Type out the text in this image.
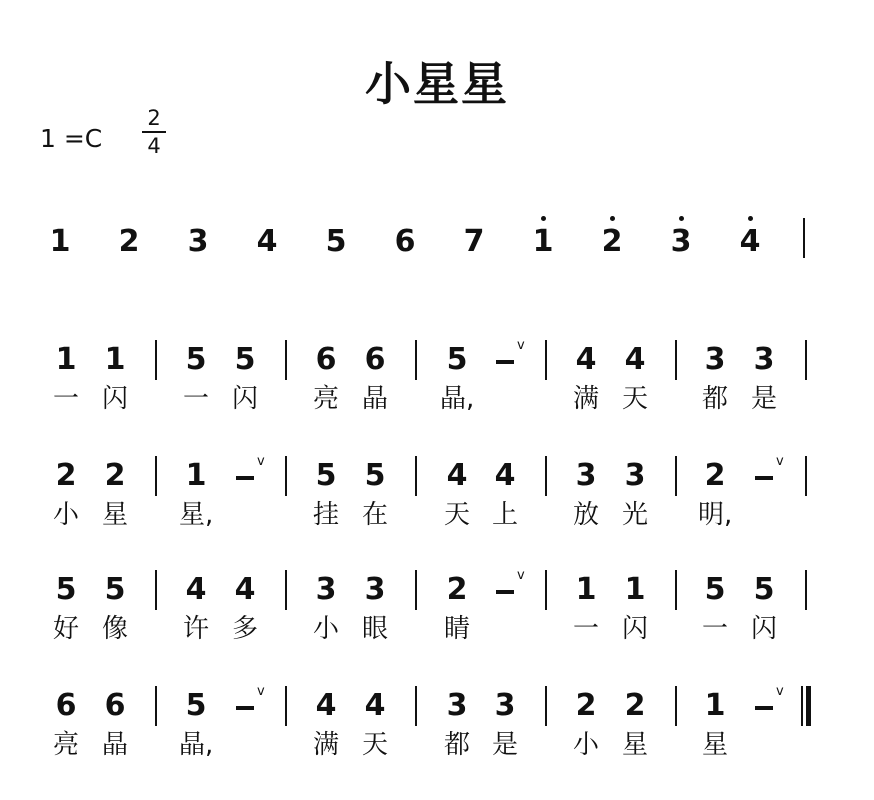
小星星
1 =C
2
4
1 2 3 4 5 6 7 1 2 3 4
1
一
1
闪
5
一
5
闪
6
亮
6
晶
5
晶,
v 4
满
4
天
3
都
3
是
2
小
2
星
1
星,
v 5
挂
5
在
4
天
4
上
3
放
3
光
2
明,
v
5
好
5
像
4
许
4
多
3
小
3
眼
2
睛
v 1
一
1
闪
5
一
5
闪
6
亮
6
晶
5
晶,
v 4
满
4
天
3
都
3
是
2
小
2
星
1
星
v
